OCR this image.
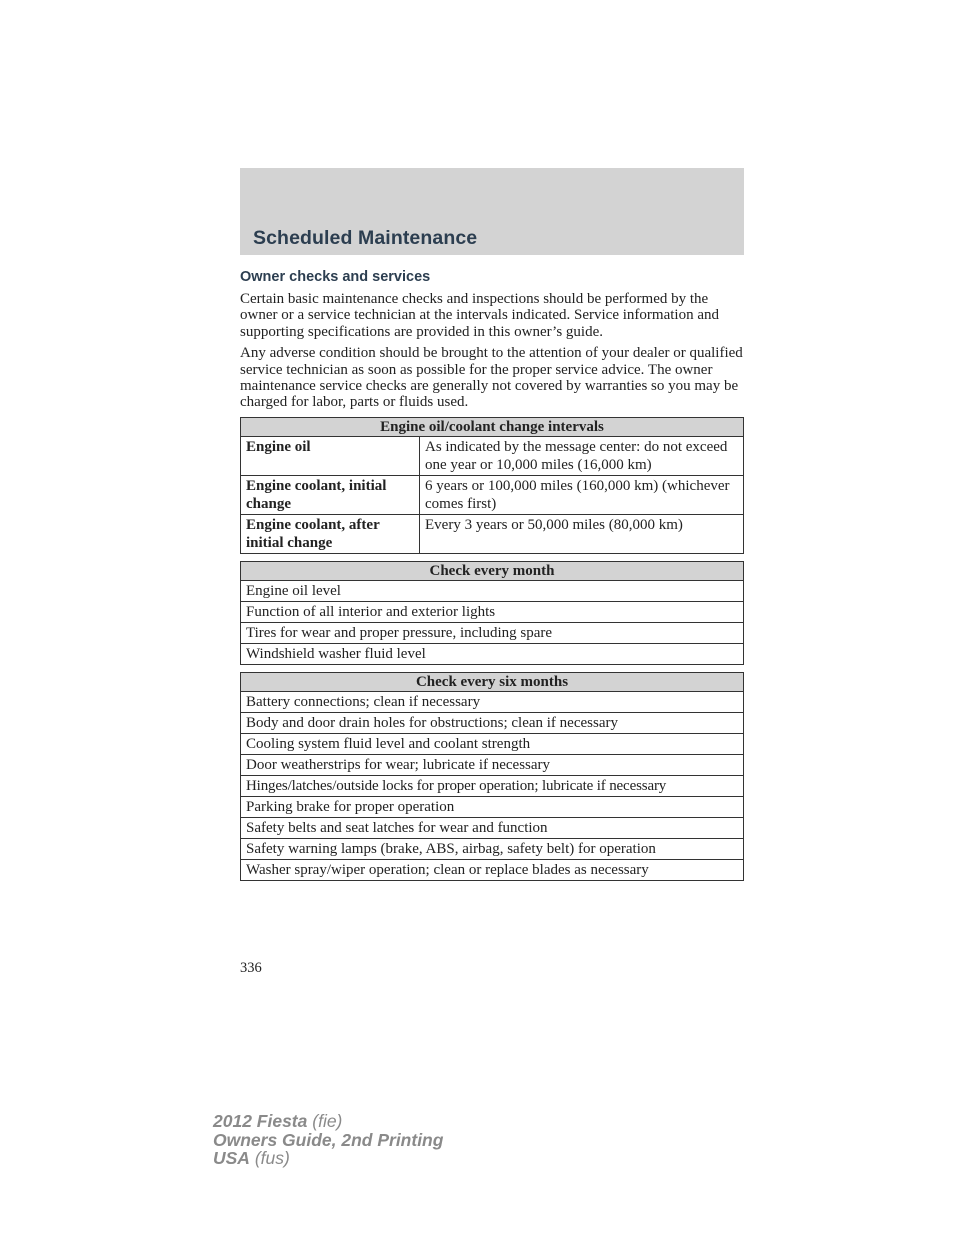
Scheduled Maintenance
Owner checks and services

Certain basic maintenance checks and inspections should be performed by the owner or a service technician at the intervals indicated. Service information and supporting specifications are provided in this owner’s guide.

Any adverse condition should be brought to the attention of your dealer or qualified service technician as soon as possible for the proper service advice. The owner maintenance service checks are generally not covered by warranties so you may be charged for labor, parts or fluids used.

Engine oil/coolant change intervals	
Engine oil	As indicated by the message center: do not exceed one year or 10,000 miles (16,000 km)
Engine coolant, initial change	6 years or 100,000 miles (160,000 km) (whichever comes first)
Engine coolant, after initial change	Every 3 years or 50,000 miles (80,000 km)
Check every month
Engine oil level
Function of all interior and exterior lights
Tires for wear and proper pressure, including spare
Windshield washer fluid level
Check every six months
Battery connections; clean if necessary
Body and door drain holes for obstructions; clean if necessary
Cooling system fluid level and coolant strength
Door weatherstrips for wear; lubricate if necessary
Hinges/latches/outside locks for proper operation; lubricate if necessary
Parking brake for proper operation
Safety belts and seat latches for wear and function
Safety warning lamps (brake, ABS, airbag, safety belt) for operation
Washer spray/wiper operation; clean or replace blades as necessary
336
2012 Fiesta (fie)
Owners Guide, 2nd Printing
USA (fus)
